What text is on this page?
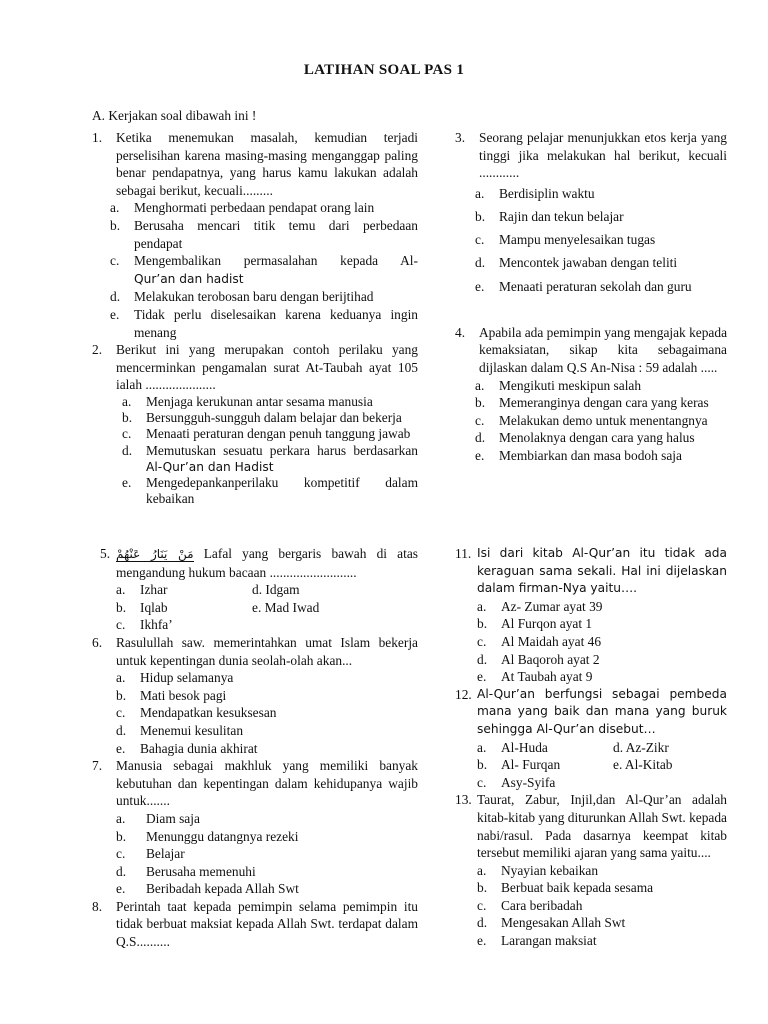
LATIHAN SOAL PAS 1
A. Kerjakan soal dibawah ini !
1.	Ketika menemukan masalah, kemudian terjadi perselisihan karena masing-masing menganggap paling benar pendapatnya, yang harus kamu lakukan adalah sebagai berikut, kecuali.........
a.	Menghormati perbedaan pendapat orang lain
b.	Berusaha mencari titik temu dari perbedaan pendapat
c.	Mengembalikan permasalahan kepada Al-
Qur’an dan hadist
d.	Melakukan terobosan baru dengan berijtihad
e.	Tidak perlu diselesaikan karena keduanya ingin menang
2.	Berikut ini yang merupakan contoh perilaku yang mencerminkan pengamalan surat At-Taubah ayat 105 ialah .....................
a.	Menjaga kerukunan antar sesama manusia
b.	Bersungguh-sungguh dalam belajar dan bekerja
c.	Menaati peraturan dengan penuh tanggung jawab
d.	Memutuskan sesuatu perkara harus berdasarkan
Al-Qur’an dan Hadist
e.	Mengedepankanperilaku kompetitif dalam kebaikan
5. مَنْ يَنَارُ عَنْهُمْ Lafal yang bergaris bawah di atas mengandung hukum bacaan ..........................
a.	Izhar	d. Idgam
b.	Iqlab	e. Mad Iwad
c.	Ikhfa’
6.	Rasulullah saw. memerintahkan umat Islam bekerja untuk kepentingan dunia seolah-olah akan...
a.	Hidup selamanya
b.	Mati besok pagi
c.	Mendapatkan kesuksesan
d.	Menemui kesulitan
e.	Bahagia dunia akhirat
7.	Manusia sebagai makhluk yang memiliki banyak kebutuhan dan kepentingan dalam kehidupanya wajib untuk.......
a.	Diam saja
b.	Menunggu datangnya rezeki
c.	Belajar
d.	Berusaha memenuhi
e.	Beribadah kepada Allah Swt
8.	Perintah taat kepada pemimpin selama pemimpin itu tidak berbuat maksiat kepada Allah Swt. terdapat dalam Q.S..........
3.	Seorang pelajar menunjukkan etos kerja yang tinggi jika melakukan hal berikut, kecuali ............
a.	Berdisiplin waktu
b.	Rajin dan tekun belajar
c.	Mampu menyelesaikan tugas
d.	Mencontek jawaban dengan teliti
e.	Menaati peraturan sekolah dan guru
4.	Apabila ada pemimpin yang mengajak kepada kemaksiatan, sikap kita sebagaimana dijlaskan dalam Q.S An-Nisa : 59 adalah .....
a.	Mengikuti meskipun salah
b.	Memeranginya dengan cara yang keras
c.	Melakukan demo untuk menentangnya
d.	Menolaknya dengan cara yang halus
e.	Membiarkan dan masa bodoh saja
11. Isi dari kitab Al-Qur’an itu tidak ada keraguan sama sekali. Hal ini dijelaskan dalam firman-Nya yaitu….
a.	Az- Zumar ayat 39
b.	Al Furqon ayat 1
c.	Al Maidah ayat 46
d.	Al Baqoroh ayat 2
e.	At Taubah ayat 9
12. Al-Qur’an berfungsi sebagai pembeda mana yang baik dan mana yang buruk sehingga Al-Qur’an disebut…
a.	Al-Huda	d. Az-Zikr
b.	Al- Furqan	e. Al-Kitab
c.	Asy-Syifa
13. Taurat, Zabur, Injil,dan Al-Qur’an adalah kitab-kitab yang diturunkan Allah Swt. kepada nabi/rasul. Pada dasarnya keempat kitab tersebut memiliki ajaran yang sama yaitu....
a.	Nyayian kebaikan
b.	Berbuat baik kepada sesama
c.	Cara beribadah
d.	Mengesakan Allah Swt
e.	Larangan maksiat
